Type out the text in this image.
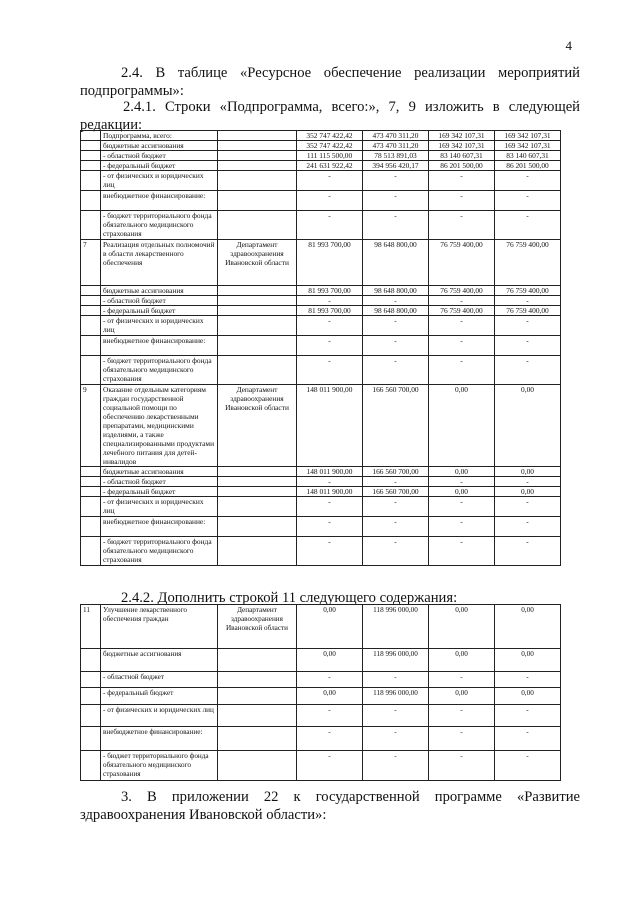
4
2.4. В таблице «Ресурсное обеспечение реализации мероприятий подпрограммы»:
2.4.1. Строки «Подпрограмма, всего:», 7, 9 изложить в следующей редакции:
	Подпрограмма, всего:		352 747 422,42	473 470 311,20	169 342 107,31	169 342 107,31
	бюджетные ассигнования		352 747 422,42	473 470 311,20	169 342 107,31	169 342 107,31
	- областной бюджет		111 115 500,00	78 513 891,03	83 140 607,31	83 140 607,31
	- федеральный бюджет		241 631 922,42	394 956 420,17	86 201 500,00	86 201 500,00
	- от физических и юридических лиц		-	-	-	-
	внебюджетное финансирование:		-	-	-	-
	- бюджет территориального фонда обязательного медицинского страхования		-	-	-	-
7	Реализация отдельных полномочий в области лекарственного обеспечения	Департамент здравоохранения Ивановской области	81 993 700,00	98 648 800,00	76 759 400,00	76 759 400,00
	бюджетные ассигнования		81 993 700,00	98 648 800,00	76 759 400,00	76 759 400,00
	- областной бюджет		-	-	-	-
	- федеральный бюджет		81 993 700,00	98 648 800,00	76 759 400,00	76 759 400,00
	- от физических и юридических лиц		-	-	-	-
	внебюджетное финансирование:		-	-	-	-
	- бюджет территориального фонда обязательного медицинского страхования		-	-	-	-
9	Оказание отдельным категориям граждан государственной социальной помощи по обеспечению лекарственными препаратами, медицинскими изделиями, а также специализированными продуктами лечебного питания для детей-инвалидов	Департамент здравоохранения Ивановской области	148 011 900,00	166 560 700,00	0,00	0,00
	бюджетные ассигнования		148 011 900,00	166 560 700,00	0,00	0,00
	- областной бюджет		-	-	-	-
	- федеральный бюджет		148 011 900,00	166 560 700,00	0,00	0,00
	- от физических и юридических лиц		-	-	-	-
	внебюджетное финансирование:		-	-	-	-
	- бюджет территориального фонда обязательного медицинского страхования		-	-	-	-
2.4.2. Дополнить строкой 11 следующего содержания:
11	Улучшение лекарственного обеспечения граждан	Департамент здравоохранения Ивановской области	0,00	118 996 000,00	0,00	0,00
	бюджетные ассигнования		0,00	118 996 000,00	0,00	0,00
	- областной бюджет		-	-	-	-
	- федеральный бюджет		0,00	118 996 000,00	0,00	0,00
	- от физических и юридических лиц		-	-	-	-
	внебюджетное финансирование:		-	-	-	-
	- бюджет территориального фонда обязательного медицинского страхования		-	-	-	-
3. В приложении 22 к государственной программе «Развитие здравоохранения Ивановской области»:
